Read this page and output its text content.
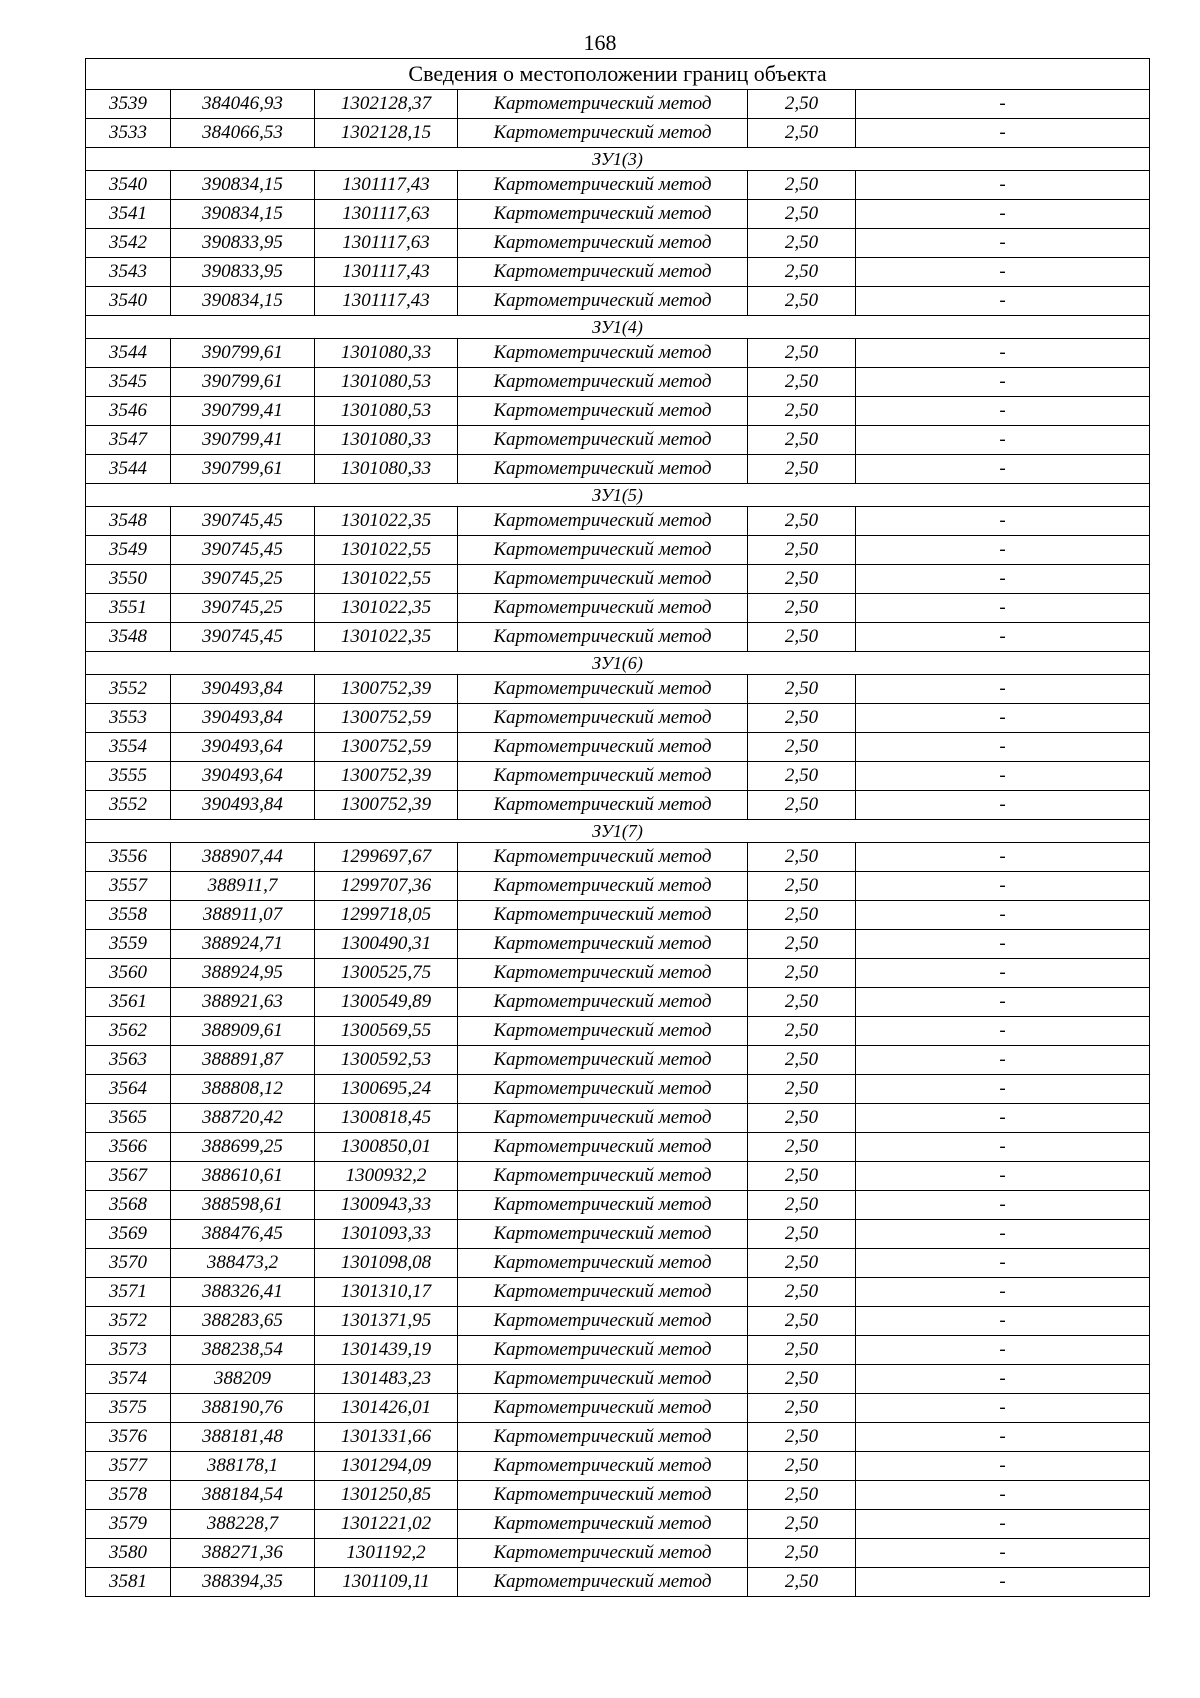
168
Сведения о местоположении границ объекта					
3539	384046,93	1302128,37	Картометрический метод	2,50	-
3533	384066,53	1302128,15	Картометрический метод	2,50	-
ЗУ1(3)					
3540	390834,15	1301117,43	Картометрический метод	2,50	-
3541	390834,15	1301117,63	Картометрический метод	2,50	-
3542	390833,95	1301117,63	Картометрический метод	2,50	-
3543	390833,95	1301117,43	Картометрический метод	2,50	-
3540	390834,15	1301117,43	Картометрический метод	2,50	-
ЗУ1(4)					
3544	390799,61	1301080,33	Картометрический метод	2,50	-
3545	390799,61	1301080,53	Картометрический метод	2,50	-
3546	390799,41	1301080,53	Картометрический метод	2,50	-
3547	390799,41	1301080,33	Картометрический метод	2,50	-
3544	390799,61	1301080,33	Картометрический метод	2,50	-
ЗУ1(5)					
3548	390745,45	1301022,35	Картометрический метод	2,50	-
3549	390745,45	1301022,55	Картометрический метод	2,50	-
3550	390745,25	1301022,55	Картометрический метод	2,50	-
3551	390745,25	1301022,35	Картометрический метод	2,50	-
3548	390745,45	1301022,35	Картометрический метод	2,50	-
ЗУ1(6)					
3552	390493,84	1300752,39	Картометрический метод	2,50	-
3553	390493,84	1300752,59	Картометрический метод	2,50	-
3554	390493,64	1300752,59	Картометрический метод	2,50	-
3555	390493,64	1300752,39	Картометрический метод	2,50	-
3552	390493,84	1300752,39	Картометрический метод	2,50	-
ЗУ1(7)					
3556	388907,44	1299697,67	Картометрический метод	2,50	-
3557	388911,7	1299707,36	Картометрический метод	2,50	-
3558	388911,07	1299718,05	Картометрический метод	2,50	-
3559	388924,71	1300490,31	Картометрический метод	2,50	-
3560	388924,95	1300525,75	Картометрический метод	2,50	-
3561	388921,63	1300549,89	Картометрический метод	2,50	-
3562	388909,61	1300569,55	Картометрический метод	2,50	-
3563	388891,87	1300592,53	Картометрический метод	2,50	-
3564	388808,12	1300695,24	Картометрический метод	2,50	-
3565	388720,42	1300818,45	Картометрический метод	2,50	-
3566	388699,25	1300850,01	Картометрический метод	2,50	-
3567	388610,61	1300932,2	Картометрический метод	2,50	-
3568	388598,61	1300943,33	Картометрический метод	2,50	-
3569	388476,45	1301093,33	Картометрический метод	2,50	-
3570	388473,2	1301098,08	Картометрический метод	2,50	-
3571	388326,41	1301310,17	Картометрический метод	2,50	-
3572	388283,65	1301371,95	Картометрический метод	2,50	-
3573	388238,54	1301439,19	Картометрический метод	2,50	-
3574	388209	1301483,23	Картометрический метод	2,50	-
3575	388190,76	1301426,01	Картометрический метод	2,50	-
3576	388181,48	1301331,66	Картометрический метод	2,50	-
3577	388178,1	1301294,09	Картометрический метод	2,50	-
3578	388184,54	1301250,85	Картометрический метод	2,50	-
3579	388228,7	1301221,02	Картометрический метод	2,50	-
3580	388271,36	1301192,2	Картометрический метод	2,50	-
3581	388394,35	1301109,11	Картометрический метод	2,50	-
